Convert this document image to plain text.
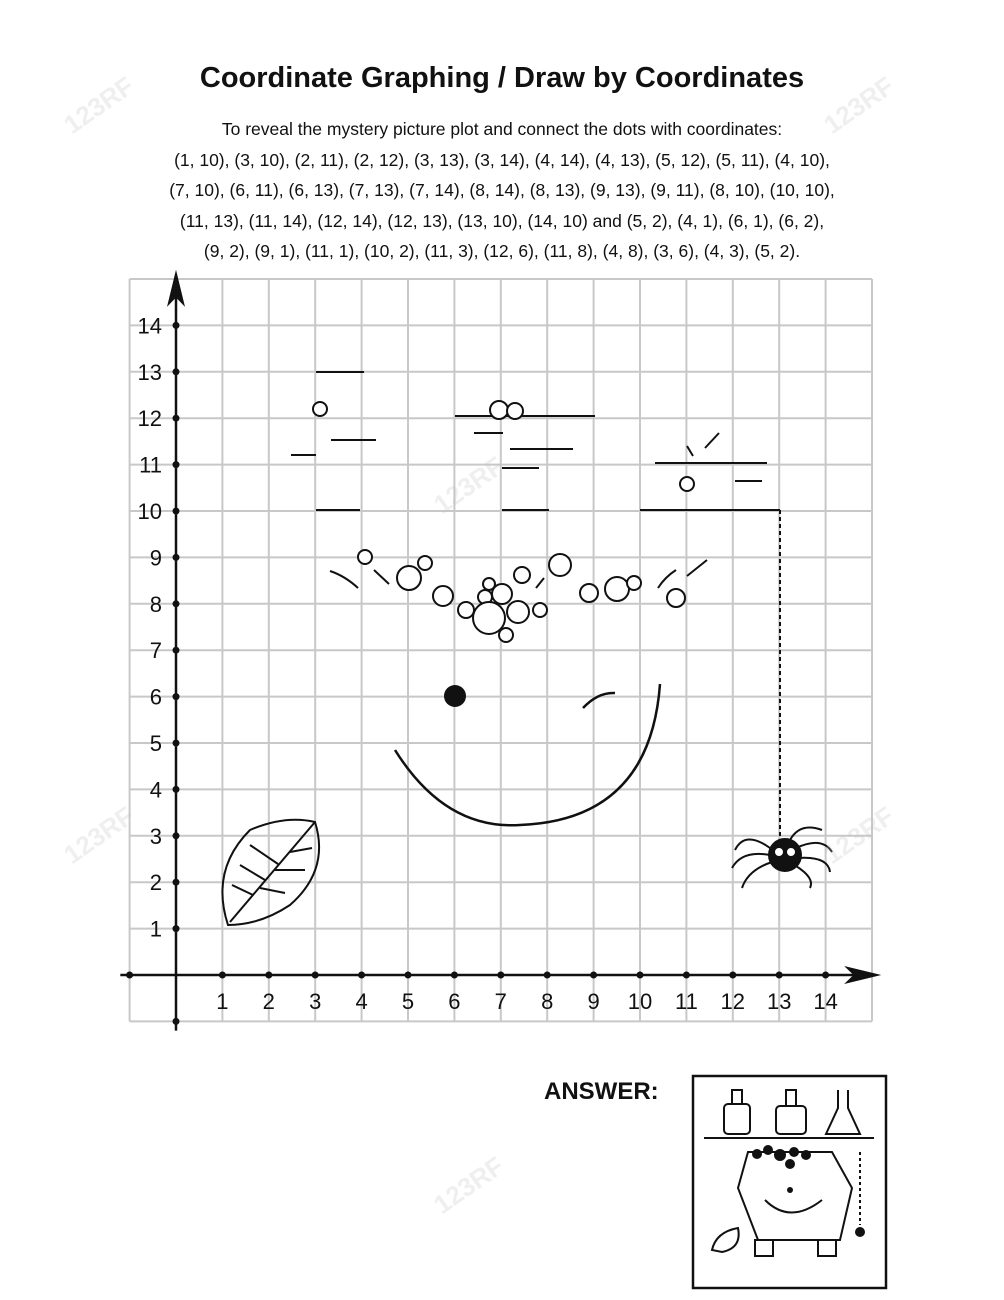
Coordinate Graphing / Draw by Coordinates
To reveal the mystery picture plot and connect the dots with coordinates:
(1, 10), (3, 10), (2, 11), (2, 12), (3, 13), (3, 14), (4, 14), (4, 13), (5, 12), (5, 11), (4, 10),
(7, 10), (6, 11), (6, 13), (7, 13), (7, 14), (8, 14), (8, 13), (9, 13), (9, 11), (8, 10), (10, 10),
(11, 13), (11, 14), (12, 14), (12, 13), (13, 10), (14, 10) and (5, 2), (4, 1), (6, 1), (6, 2),
(9, 2), (9, 1), (11, 1), (10, 2), (11, 3), (12, 6), (11, 8), (4, 8), (3, 6), (4, 3), (5, 2).
1 2 3 4 5 6 7 8 9 10 11 12 13 14
1
2
3
4
5
6
7
8
9
10
11
12
13
14
ANSWER:
123RF	123RF
123RF
123RF	123RF
123RF
